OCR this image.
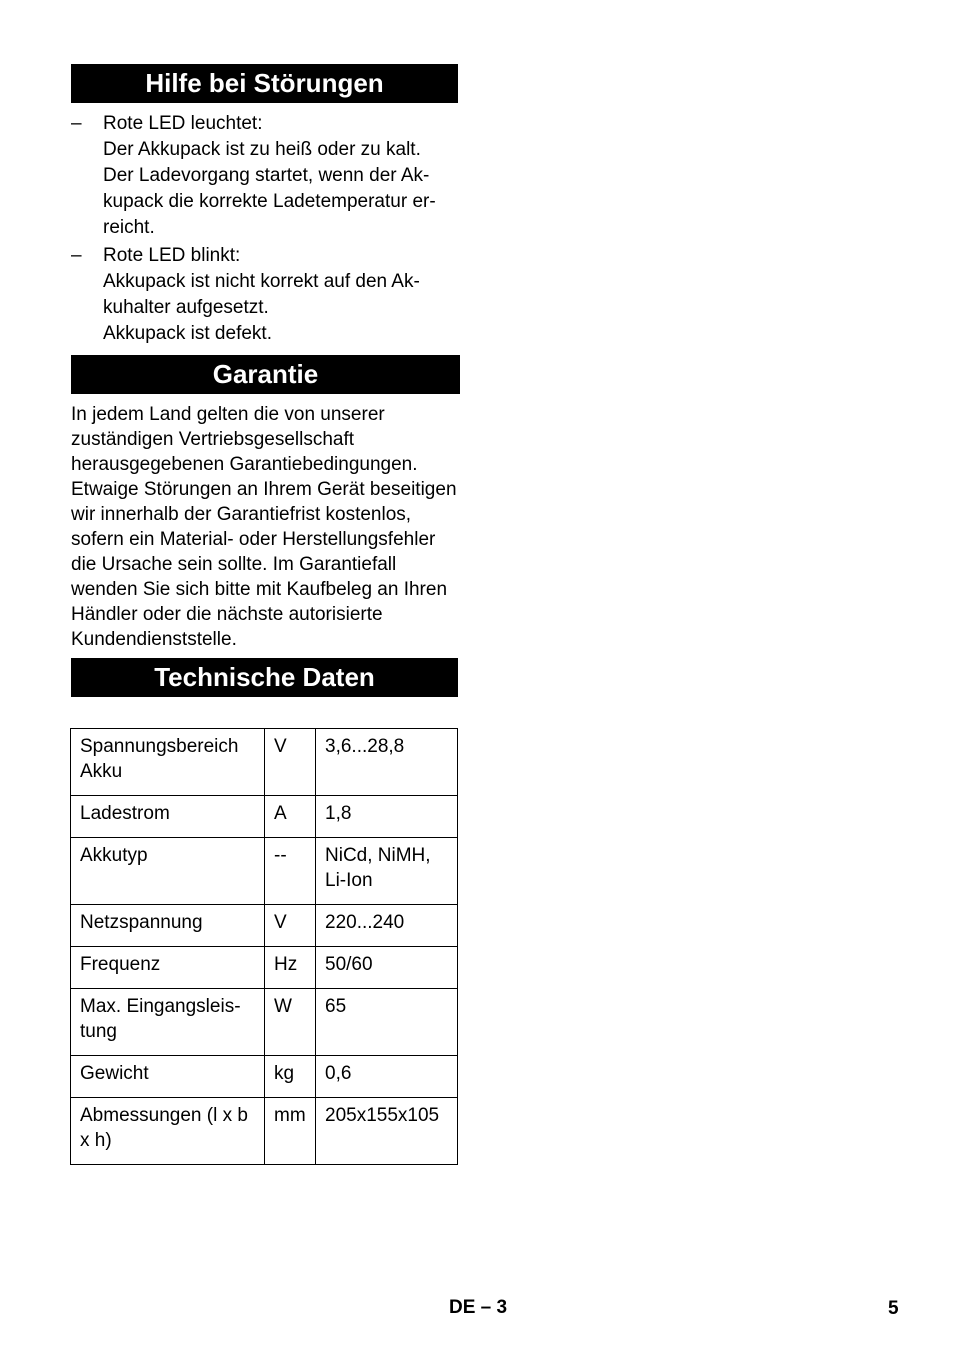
Hilfe bei Störungen
–	Rote LED leuchtet:

Der Akkupack ist zu heiß oder zu kalt.

Der Ladevorgang startet, wenn der Ak-kupack die korrekte Ladetemperatur er-reicht.

–	Rote LED blinkt:

Akkupack ist nicht korrekt auf den Ak-kuhalter aufgesetzt.

Akkupack ist defekt.

Garantie

In jedem Land gelten die von unserer zuständigen Vertriebsgesellschaft herausgegebenen Garantiebedingungen. Etwaige Störungen an Ihrem Gerät beseitigen wir innerhalb der Garantiefrist kostenlos, sofern ein Material- oder Herstellungsfehler die Ursache sein sollte. Im Garantiefall wenden Sie sich bitte mit Kaufbeleg an Ihren Händler oder die nächste autorisierte Kundendienststelle.

Technische Daten
Spannungsbereich Akku	V	3,6...28,8
Ladestrom	A	1,8
Akkutyp	--	NiCd, NiMH, Li-Ion
Netzspannung	V	220...240
Frequenz	Hz	50/60
Max. Eingangsleis-tung	W	65
Gewicht	kg	0,6
Abmessungen (l x b x h)	mm	205x155x105
DE – 3	5
